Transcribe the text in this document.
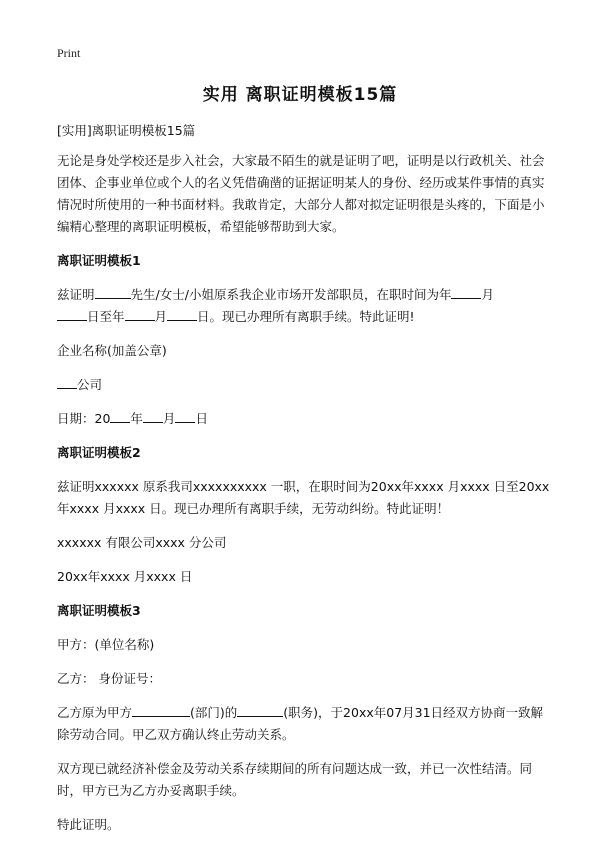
Print
实用 离职证明模板15篇

[实用]离职证明模板15篇

无论是身处学校还是步入社会，大家最不陌生的就是证明了吧，证明是以行政机关、社会团体、企事业单位或个人的名义凭借确凿的证据证明某人的身份、经历或某件事情的真实情况时所使用的一种书面材料。我敢肯定，大部分人都对拟定证明很是头疼的，下面是小编精心整理的离职证明模板，希望能够帮助到大家。

离职证明模板1

兹证明	先生/女士/小姐原系我企业市场开发部职员，在职时间为年 月
日至年 月 日。现已办理所有离职手续。特此证明!

企业名称(加盖公章)

公司

日期：20 年 月 日

离职证明模板2

兹证明xxxxxx 原系我司xxxxxxxxxx 一职，在职时间为20xx年xxxx 月xxxx 日至20xx年xxxx 月xxxx 日。现已办理所有离职手续，无劳动纠纷。特此证明！

xxxxxx 有限公司xxxx 分公司

20xx年xxxx 月xxxx 日

离职证明模板3

甲方：(单位名称)

乙方： 身份证号：

乙方原为甲方	(部门)的	(职务)，于20xx年07月31日经双方协商一致解除劳动合同。甲乙双方确认终止劳动关系。

双方现已就经济补偿金及劳动关系存续期间的所有问题达成一致，并已一次性结清。同时，甲方已为乙方办妥离职手续。

特此证明。
